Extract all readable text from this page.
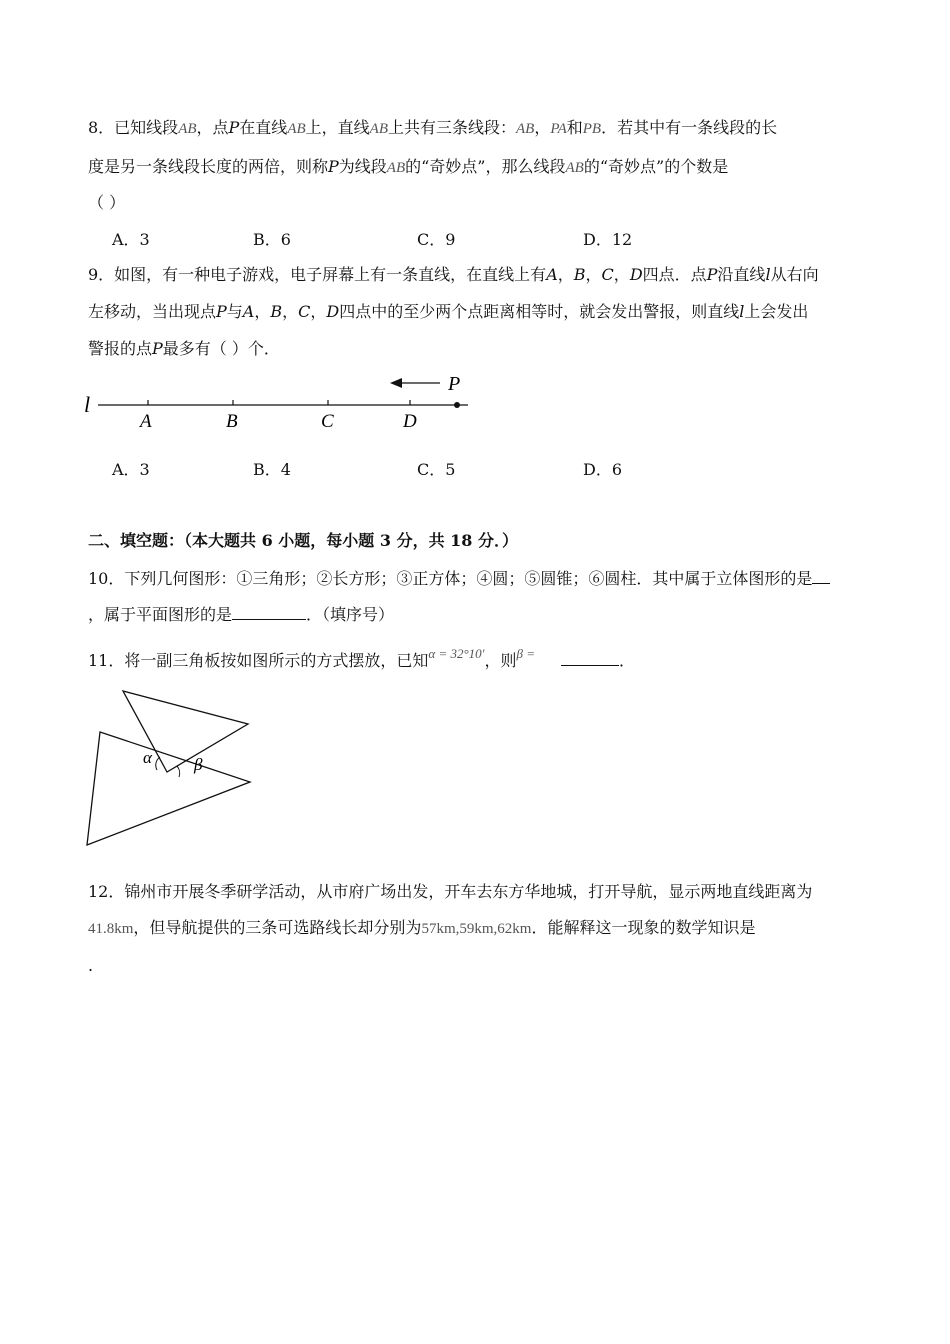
8．已知线段AB，点P在直线AB上，直线AB上共有三条线段：AB，PA和PB．若其中有一条线段的长
度是另一条线段长度的两倍，则称P为线段AB的“奇妙点”，那么线段AB的“奇妙点”的个数是
（ ）
A．3	B．6	C．9	D．12
9．如图，有一种电子游戏，电子屏幕上有一条直线，在直线上有A，B，C，D四点．点P沿直线l从右向
左移动，当出现点P与A，B，C，D四点中的至少两个点距离相等时，就会发出警报，则直线l上会发出
警报的点P最多有（ ）个．
l
A	B	C	D
P
A．3	B．4	C．5	D．6
二、填空题：（本大题共 6 小题，每小题 3 分，共 18 分．）
10．下列几何图形：①三角形；②长方形；③正方体；④圆；⑤圆锥；⑥圆柱．其中属于立体图形的是
，属于平面图形的是	．（填序号）
11．将一副三角板按如图所示的方式摆放，已知$^{\alpha = 32^\circ 10'}$，则$^{\beta =}$	．
α β
12．锦州市开展冬季研学活动，从市府广场出发，开车去东方华地城，打开导航，显示两地直线距离为
41.8km，但导航提供的三条可选路线长却分别为57km,59km,62km．能解释这一现象的数学知识是
.
